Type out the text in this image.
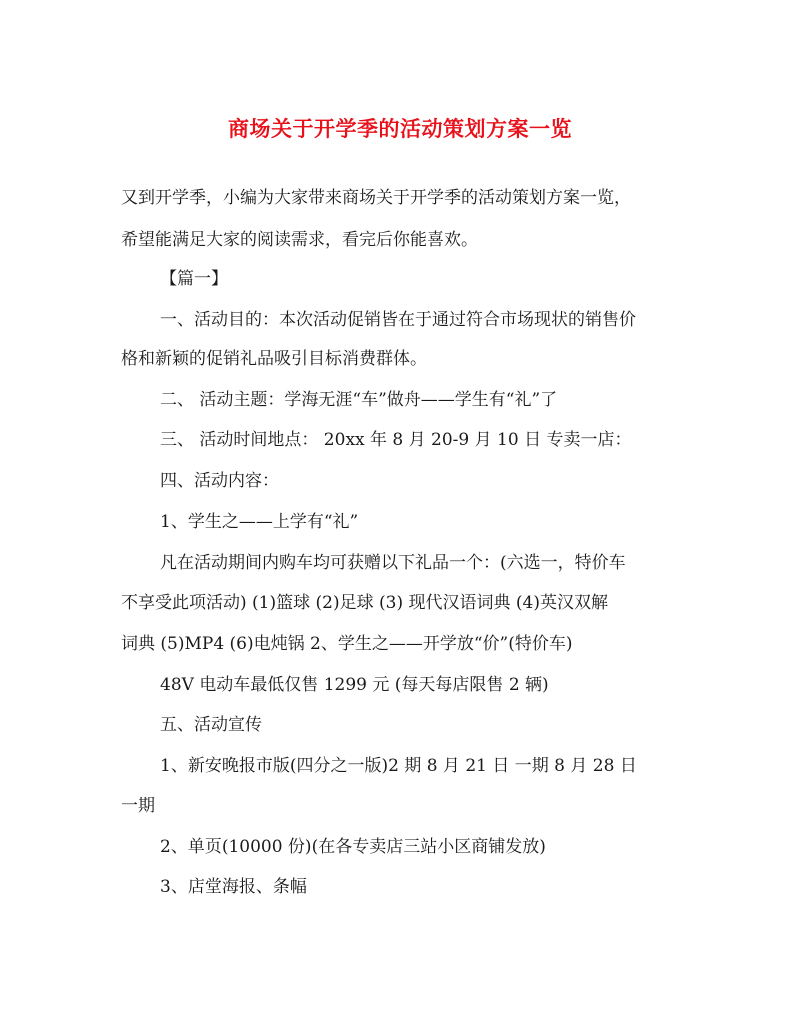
商场关于开学季的活动策划方案一览
又到开学季，小编为大家带来商场关于开学季的活动策划方案一览，
希望能满足大家的阅读需求，看完后你能喜欢。
【篇一】
一、活动目的：本次活动促销皆在于通过符合市场现状的销售价
格和新颖的促销礼品吸引目标消费群体。
二、 活动主题：学海无涯“车”做舟——学生有“礼”了
三、 活动时间地点： 20xx 年 8 月 20-9 月 10 日 专卖一店：
四、活动内容：
1、学生之——上学有“礼”
凡在活动期间内购车均可获赠以下礼品一个：(六选一，特价车
不享受此项活动) (1)篮球 (2)足球 (3) 现代汉语词典 (4)英汉双解
词典 (5)MP4 (6)电炖锅 2、学生之——开学放“价”(特价车)
48V 电动车最低仅售 1299 元 (每天每店限售 2 辆)
五、活动宣传
1、新安晚报市版(四分之一版)2 期 8 月 21 日 一期 8 月 28 日
一期
2、单页(10000 份)(在各专卖店三站小区商铺发放)
3、店堂海报、条幅
